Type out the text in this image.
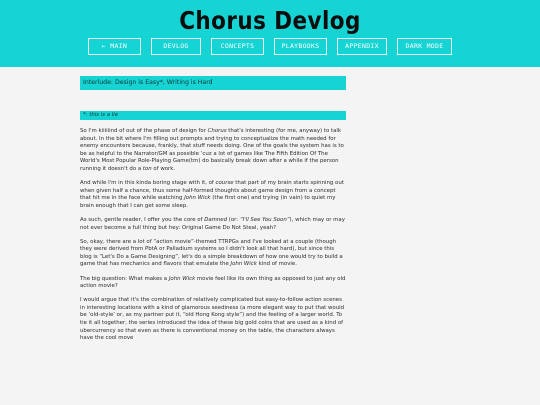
Chorus Devlog
← MAIN	DEVLOG	CONCEPTS	PLAYBOOKS	APPENDIX	DARK MODE
Interlude: Design is Easy*, Writing is Hard
*: this is a lie

So I'm kiiiiiind of out of the phase of design for Chorus that's interesting (for me, anyway) to talk about. In the bit where I'm filling out prompts and trying to conceptualize the math needed for enemy encounters because, frankly, that stuff needs doing. One of the goals the system has is to be as helpful to the Narrator/GM as possible ‘cuz a lot of games like The Fifth Edition Of The World's Most Popular Role-Playing Game(tm) do basically break down after a while if the person running it doesn't do a ton of work.

And while I'm in this kinda boring stage with it, of course that part of my brain starts spinning out when given half a chance, thus some half-formed thoughts about game design from a concept that hit me in the face while watching John Wick (the first one) and trying (in vain) to quiet my brain enough that I can get some sleep.

As such, gentle reader, I offer you the core of Damned (or: “I'll See You Soon”), which may or may not ever become a full thing but hey: Original Game Do Not Steal, yeah?

So, okay, there are a lot of “action movie”-themed TTRPGs and I've looked at a couple (though they were derived from PbtA or Palladium systems so I didn't look all that hard), but since this blog is “Let's Do a Game Designing”, let's do a simple breakdown of how one would try to build a game that has mechanics and flavors that emulate the John Wick kind of movie.

The big question: What makes a John Wick movie feel like its own thing as opposed to just any old action movie?

I would argue that it's the combination of relatively complicated but easy-to-follow action scenes in interesting locations with a kind of glamorous seediness (a more elegant way to put that would be ‘old-style’ or, as my partner put it, “old Hong Kong style”) and the feeling of a larger world. To tie it all together, the series introduced the idea of these big gold coins that are used as a kind of ubercurrency so that even as there is conventional money on the table, the characters always have the cool move
